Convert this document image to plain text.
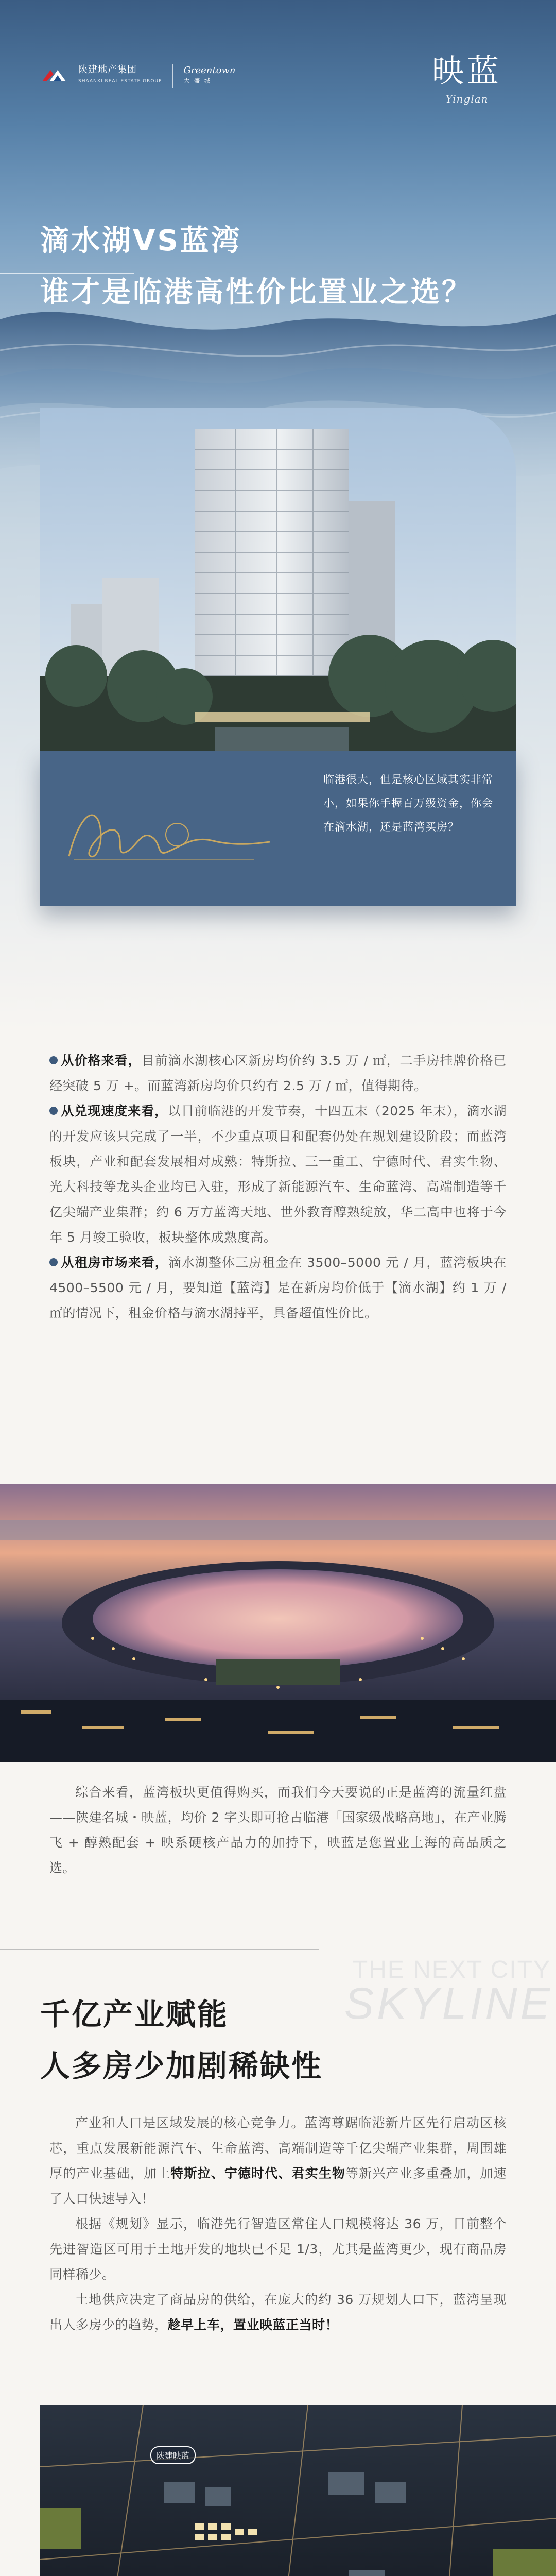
陕建地产集团
SHAANXI REAL ESTATE GROUP
Greentown
大 盛 城	映蓝
Yinglan
滴水湖VS蓝湾
谁才是临港高性价比置业之选？
临港很大，但是核心区域其实非常小，如果你手握百万级资金，你会在滴水湖，还是蓝湾买房？

从价格来看，目前滴水湖核心区新房均价约 3.5 万 / ㎡，二手房挂牌价格已经突破 5 万 +。而蓝湾新房均价只约有 2.5 万 / ㎡，值得期待。

从兑现速度来看，以目前临港的开发节奏，十四五末（2025 年末），滴水湖的开发应该只完成了一半，不少重点项目和配套仍处在规划建设阶段；而蓝湾板块，产业和配套发展相对成熟：特斯拉、三一重工、宁德时代、君实生物、光大科技等龙头企业均已入驻，形成了新能源汽车、生命蓝湾、高端制造等千亿尖端产业集群；约 6 万方蓝湾天地、世外教育醇熟绽放，华二高中也将于今年 5 月竣工验收，板块整体成熟度高。

从租房市场来看，滴水湖整体三房租金在 3500–5000 元 / 月，蓝湾板块在 4500–5500 元 / 月，要知道【蓝湾】是在新房均价低于【滴水湖】约 1 万 / ㎡的情况下，租金价格与滴水湖持平，具备超值性价比。

综合来看，蓝湾板块更值得购买，而我们今天要说的正是蓝湾的流量红盘——陕建名城・映蓝，均价 2 字头即可抢占临港「国家级战略高地」，在产业腾飞 + 醇熟配套 + 映系硬核产品力的加持下，映蓝是您置业上海的高品质之选。

THE NEXT CITY
SKYLINE
千亿产业赋能
人多房少加剧稀缺性

产业和人口是区域发展的核心竞争力。蓝湾尊踞临港新片区先行启动区核芯，重点发展新能源汽车、生命蓝湾、高端制造等千亿尖端产业集群，周围雄厚的产业基础，加上特斯拉、宁德时代、君实生物等新兴产业多重叠加，加速了人口快速导入！

根据《规划》显示，临港先行智造区常住人口规模将达 36 万，目前整个先进智造区可用于土地开发的地块已不足 1/3，尤其是蓝湾更少，现有商品房同样稀少。

土地供应决定了商品房的供给，在庞大的约 36 万规划人口下，蓝湾呈现出人多房少的趋势，趁早上车，置业映蓝正当时！

陕建映蓝
